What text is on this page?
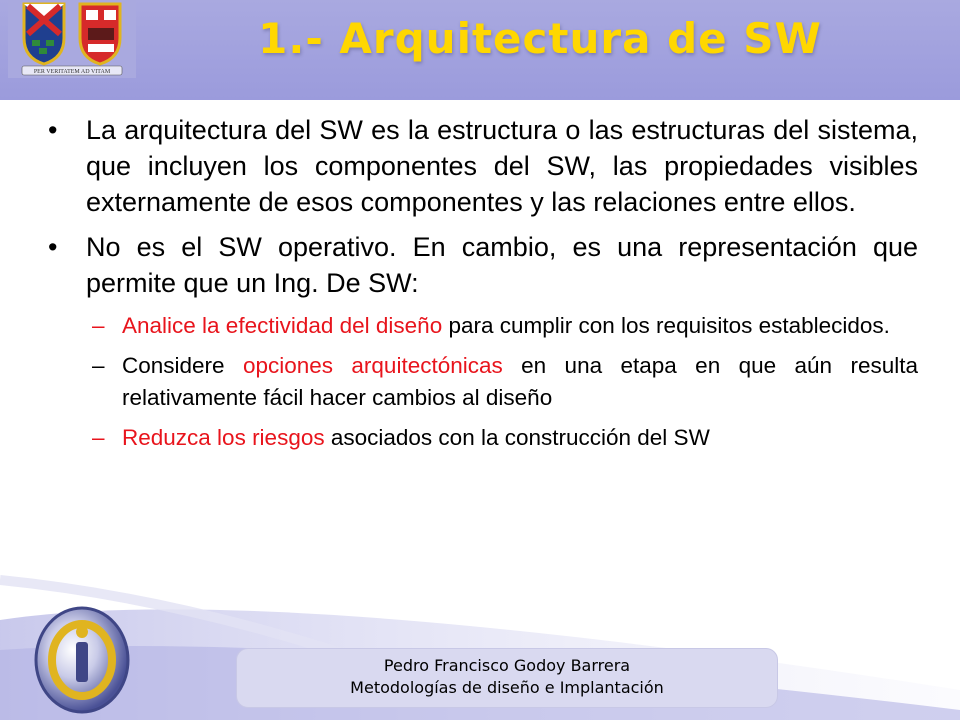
PER VERITATEM AD VITAM
1.- Arquitectura de SW
• La arquitectura del SW es la estructura o las estructuras del sistema, que incluyen los componentes del SW, las propiedades visibles externamente de esos componentes y las relaciones entre ellos.
• No es el SW operativo. En cambio, es una representación que permite que un Ing. De SW:
– Analice la efectividad del diseño para cumplir con los requisitos establecidos.
– Considere opciones arquitectónicas en una etapa en que aún resulta relativamente fácil hacer cambios al diseño
– Reduzca los riesgos asociados con la construcción del SW
Pedro Francisco Godoy Barrera
Metodologías de diseño e Implantación
